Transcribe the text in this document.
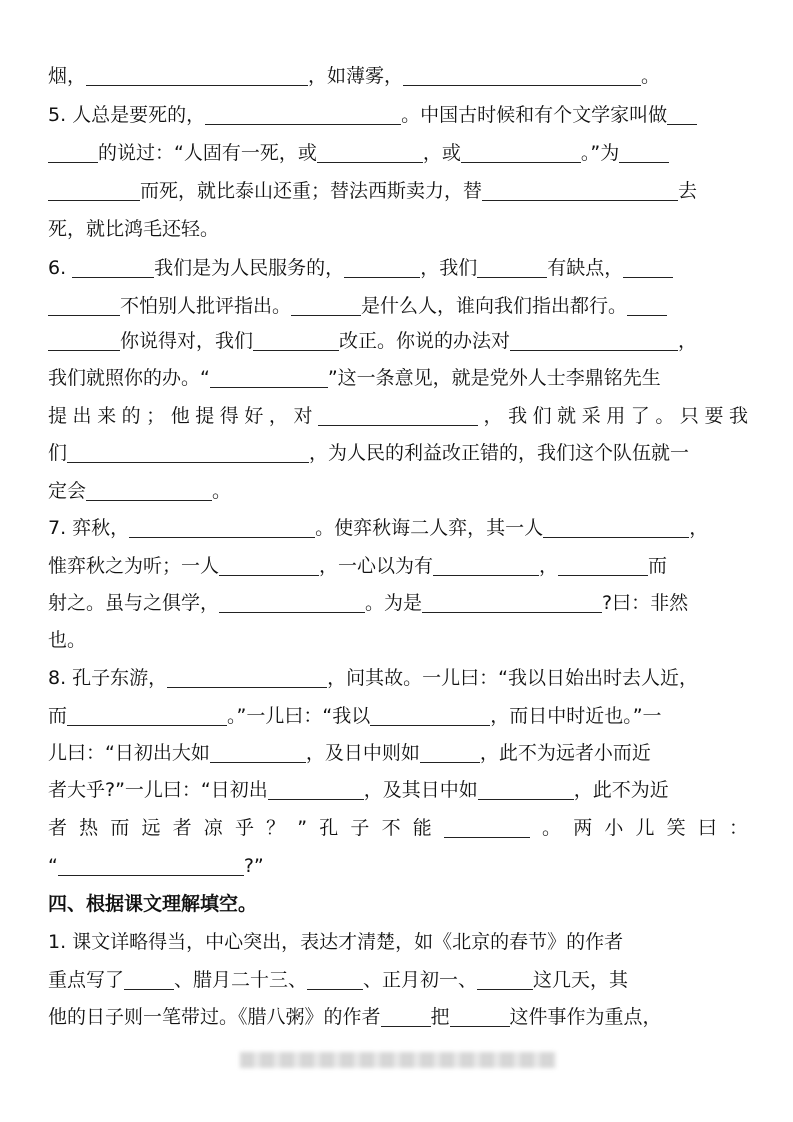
烟，	，如薄雾，	。
5. 人总是要死的，	。中国古时候和有个文学家叫做
的说过：“人固有一死，或	，或	。”为
而死，就比泰山还重；替法西斯卖力，替	去
死，就比鸿毛还轻。
6.	我们是为人民服务的，	，我们	有缺点，
不怕别人批评指出。	是什么人，谁向我们指出都行。
你说得对，我们	改正。你说的办法对	，
我们就照你的办。“	”这一条意见，就是党外人士李鼎铭先生
提出来的；他提得好，对	，我们就采用了。只要我
们	，为人民的利益改正错的，我们这个队伍就一
定会	。
7. 弈秋，	。使弈秋诲二人弈，其一人	，
惟弈秋之为听；一人	，一心以为有	，	而
射之。虽与之俱学，	。为是	?曰：非然
也。
8. 孔子东游，	，问其故。一儿曰：“我以日始出时去人近，
而	。”一儿曰：“我以	，而日中时近也。”一
儿曰：“日初出大如	，及日中则如	，此不为远者小而近
者大乎?”一儿曰：“日初出	，及其日中如	，此不为近
者热而远者凉乎？”孔子不能	。两小儿笑曰：
“	?”
四、根据课文理解填空。
1. 课文详略得当，中心突出，表达才清楚，如《北京的春节》的作者
重点写了	、腊月二十三、	、正月初一、	这几天，其
他的日子则一笔带过。《腊八粥》的作者	把	这件事作为重点，
